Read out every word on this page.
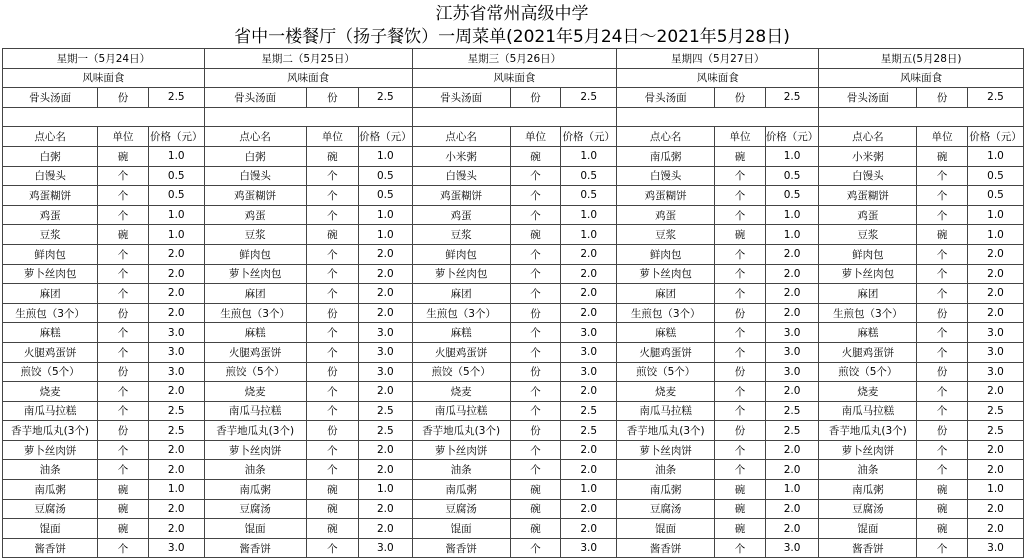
江苏省常州高级中学
省中一楼餐厅（扬子餐饮）一周菜单(2021年5月24日～2021年5月28日)
星期一（5月24日）			星期二（5月25日）			星期三（5月26日）			星期四（5月27日）			星期五(5月28日)		
风味面食			风味面食			风味面食			风味面食			风味面食		
骨头汤面	份	2.5	骨头汤面	份	2.5	骨头汤面	份	2.5	骨头汤面	份	2.5	骨头汤面	份	2.5

点心名	单位	价格（元）	点心名	单位	价格（元）	点心名	单位	价格（元）	点心名	单位	价格（元）	点心名	单位	价格（元）
白粥	碗	1.0	白粥	碗	1.0	小米粥	碗	1.0	南瓜粥	碗	1.0	小米粥	碗	1.0
白馒头	个	0.5	白馒头	个	0.5	白馒头	个	0.5	白馒头	个	0.5	白馒头	个	0.5
鸡蛋糊饼	个	0.5	鸡蛋糊饼	个	0.5	鸡蛋糊饼	个	0.5	鸡蛋糊饼	个	0.5	鸡蛋糊饼	个	0.5
鸡蛋	个	1.0	鸡蛋	个	1.0	鸡蛋	个	1.0	鸡蛋	个	1.0	鸡蛋	个	1.0
豆浆	碗	1.0	豆浆	碗	1.0	豆浆	碗	1.0	豆浆	碗	1.0	豆浆	碗	1.0
鲜肉包	个	2.0	鲜肉包	个	2.0	鲜肉包	个	2.0	鲜肉包	个	2.0	鲜肉包	个	2.0
萝卜丝肉包	个	2.0	萝卜丝肉包	个	2.0	萝卜丝肉包	个	2.0	萝卜丝肉包	个	2.0	萝卜丝肉包	个	2.0
麻团	个	2.0	麻团	个	2.0	麻团	个	2.0	麻团	个	2.0	麻团	个	2.0
生煎包（3个）	份	2.0	生煎包（3个）	份	2.0	生煎包（3个）	份	2.0	生煎包（3个）	份	2.0	生煎包（3个）	份	2.0
麻糕	个	3.0	麻糕	个	3.0	麻糕	个	3.0	麻糕	个	3.0	麻糕	个	3.0
火腿鸡蛋饼	个	3.0	火腿鸡蛋饼	个	3.0	火腿鸡蛋饼	个	3.0	火腿鸡蛋饼	个	3.0	火腿鸡蛋饼	个	3.0
煎饺（5个）	份	3.0	煎饺（5个）	份	3.0	煎饺（5个）	份	3.0	煎饺（5个）	份	3.0	煎饺（5个）	份	3.0
烧麦	个	2.0	烧麦	个	2.0	烧麦	个	2.0	烧麦	个	2.0	烧麦	个	2.0
南瓜马拉糕	个	2.5	南瓜马拉糕	个	2.5	南瓜马拉糕	个	2.5	南瓜马拉糕	个	2.5	南瓜马拉糕	个	2.5
香芋地瓜丸(3个)	份	2.5	香芋地瓜丸(3个)	份	2.5	香芋地瓜丸(3个)	份	2.5	香芋地瓜丸(3个)	份	2.5	香芋地瓜丸(3个)	份	2.5
萝卜丝肉饼	个	2.0	萝卜丝肉饼	个	2.0	萝卜丝肉饼	个	2.0	萝卜丝肉饼	个	2.0	萝卜丝肉饼	个	2.0
油条	个	2.0	油条	个	2.0	油条	个	2.0	油条	个	2.0	油条	个	2.0
南瓜粥	碗	1.0	南瓜粥	碗	1.0	南瓜粥	碗	1.0	南瓜粥	碗	1.0	南瓜粥	碗	1.0
豆腐汤	碗	2.0	豆腐汤	碗	2.0	豆腐汤	碗	2.0	豆腐汤	碗	2.0	豆腐汤	碗	2.0
馄面	碗	2.0	馄面	碗	2.0	馄面	碗	2.0	馄面	碗	2.0	馄面	碗	2.0
酱香饼	个	3.0	酱香饼	个	3.0	酱香饼	个	3.0	酱香饼	个	3.0	酱香饼	个	3.0
